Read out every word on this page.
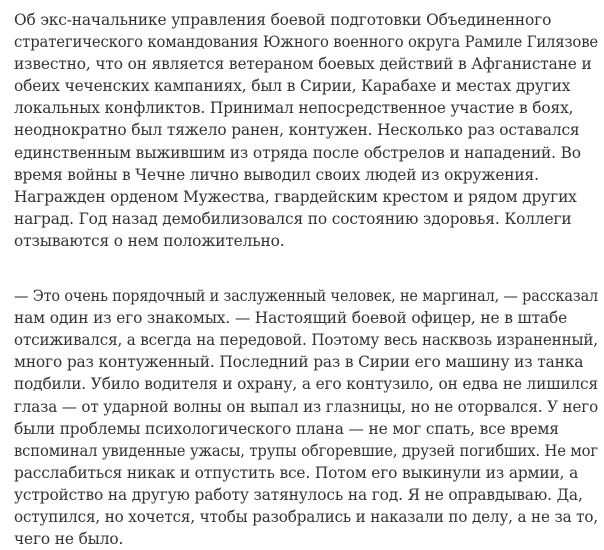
Об экс-начальнике управления боевой подготовки Объединенного
стратегического командования Южного военного округа Рамиле Гилязове
известно, что он является ветераном боевых действий в Афганистане и
обеих чеченских кампаниях, был в Сирии, Карабахе и местах других
локальных конфликтов. Принимал непосредственное участие в боях,
неоднократно был тяжело ранен, контужен. Несколько раз оставался
единственным выжившим из отряда после обстрелов и нападений. Во
время войны в Чечне лично выводил своих людей из окружения.
Награжден орденом Мужества, гвардейским крестом и рядом других
наград. Год назад демобилизовался по состоянию здоровья. Коллеги
отзываются о нем положительно.

— Это очень порядочный и заслуженный человек, не маргинал, — рассказал
нам один из его знакомых. — Настоящий боевой офицер, не в штабе
отсиживался, а всегда на передовой. Поэтому весь насквозь израненный,
много раз контуженный. Последний раз в Сирии его машину из танка
подбили. Убило водителя и охрану, а его контузило, он едва не лишился
глаза — от ударной волны он выпал из глазницы, но не оторвался. У него
были проблемы психологического плана — не мог спать, все время
вспоминал увиденные ужасы, трупы обгоревшие, друзей погибших. Не мог
расслабиться никак и отпустить все. Потом его выкинули из армии, а
устройство на другую работу затянулось на год. Я не оправдываю. Да,
оступился, но хочется, чтобы разобрались и наказали по делу, а не за то,
чего не было.
